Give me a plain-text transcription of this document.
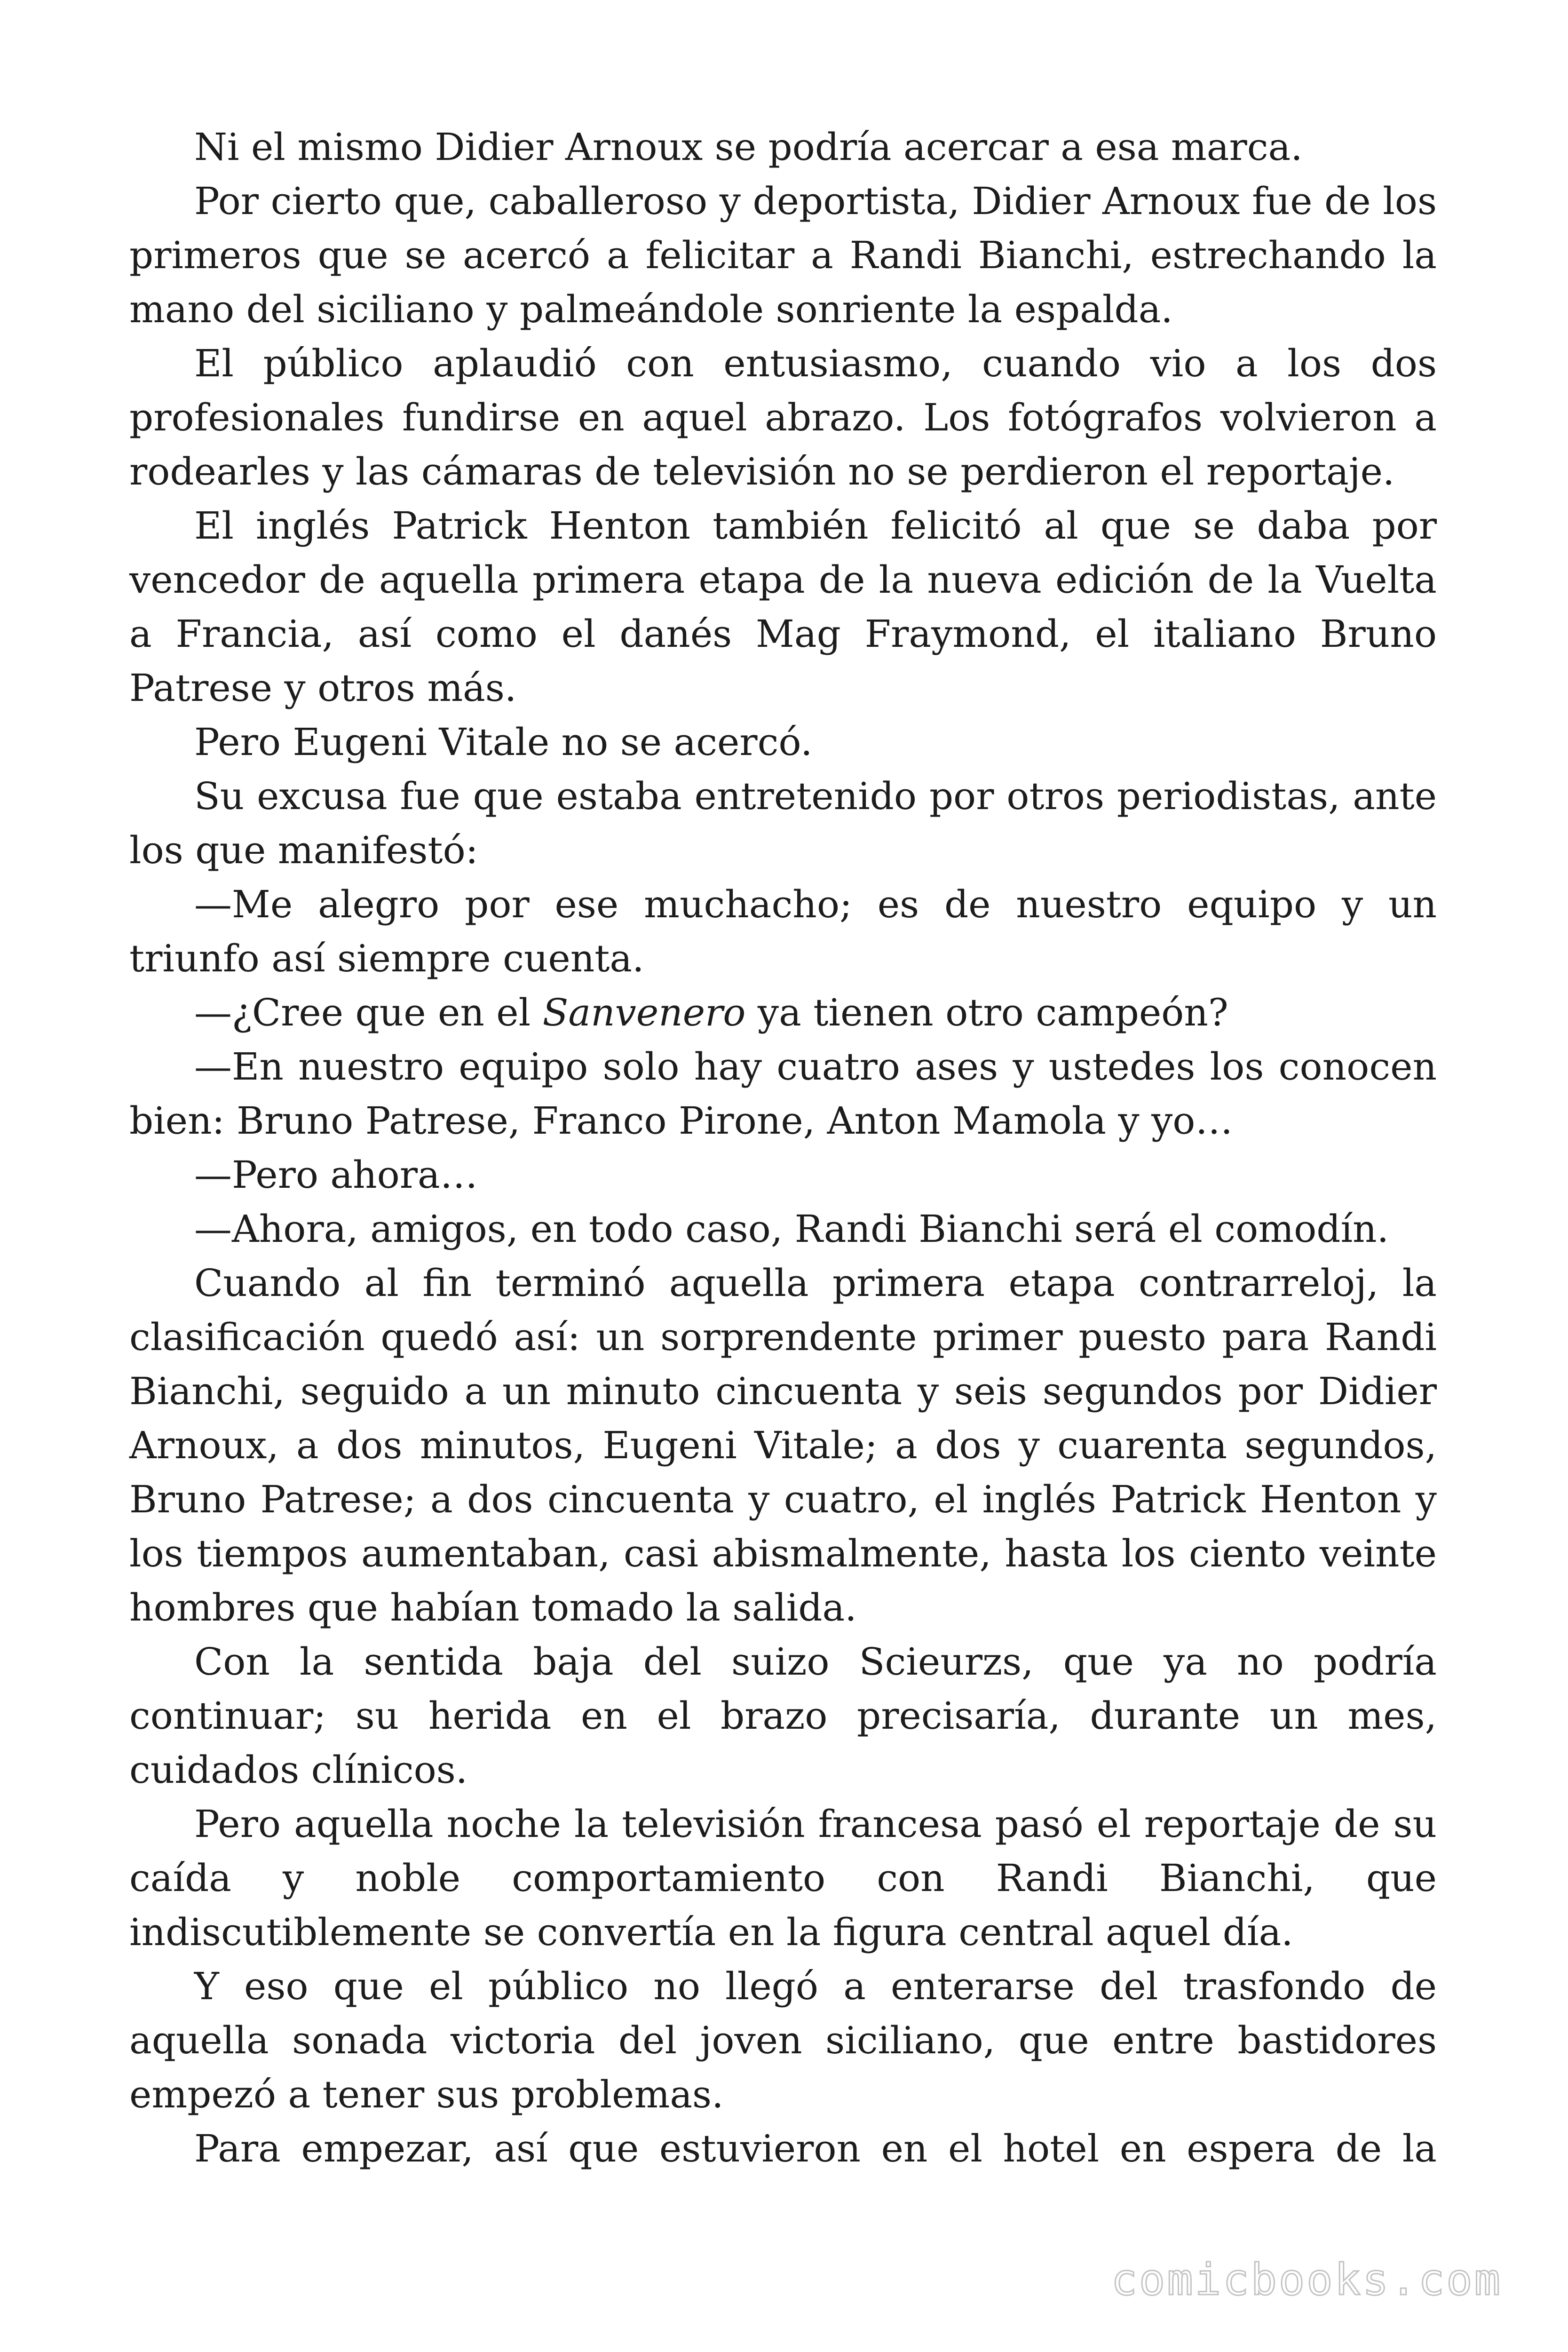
Ni el mismo Didier Arnoux se podría acercar a esa marca.

Por cierto que, caballeroso y deportista, Didier Arnoux fue de los primeros que se acercó a felicitar a Randi Bianchi, estrechando la mano del siciliano y palmeándole sonriente la espalda.

El público aplaudió con entusiasmo, cuando vio a los dos profesionales fundirse en aquel abrazo. Los fotógrafos volvieron a rodearles y las cámaras de televisión no se perdieron el reportaje.

El inglés Patrick Henton también felicitó al que se daba por vencedor de aquella primera etapa de la nueva edición de la Vuelta a Francia, así como el danés Mag Fraymond, el italiano Bruno Patrese y otros más.

Pero Eugeni Vitale no se acercó.

Su excusa fue que estaba entretenido por otros periodistas, ante los que manifestó:

—Me alegro por ese muchacho; es de nuestro equipo y un triunfo así siempre cuenta.

—¿Cree que en el Sanvenero ya tienen otro campeón?

—En nuestro equipo solo hay cuatro ases y ustedes los conocen bien: Bruno Patrese, Franco Pirone, Anton Mamola y yo…

—Pero ahora…

—Ahora, amigos, en todo caso, Randi Bianchi será el comodín.

Cuando al fin terminó aquella primera etapa contrarreloj, la clasificación quedó así: un sorprendente primer puesto para Randi Bianchi, seguido a un minuto cincuenta y seis segundos por Didier Arnoux, a dos minutos, Eugeni Vitale; a dos y cuarenta segundos, Bruno Patrese; a dos cincuenta y cuatro, el inglés Patrick Henton y los tiempos aumentaban, casi abismalmente, hasta los ciento veinte hombres que habían tomado la salida.

Con la sentida baja del suizo Scieurzs, que ya no podría continuar; su herida en el brazo precisaría, durante un mes, cuidados clínicos.

Pero aquella noche la televisión francesa pasó el reportaje de su caída y noble comportamiento con Randi Bianchi, que indiscutiblemente se convertía en la figura central aquel día.

Y eso que el público no llegó a enterarse del trasfondo de aquella sonada victoria del joven siciliano, que entre bastidores empezó a tener sus problemas.

Para empezar, así que estuvieron en el hotel en espera de la

comicbooks.com
